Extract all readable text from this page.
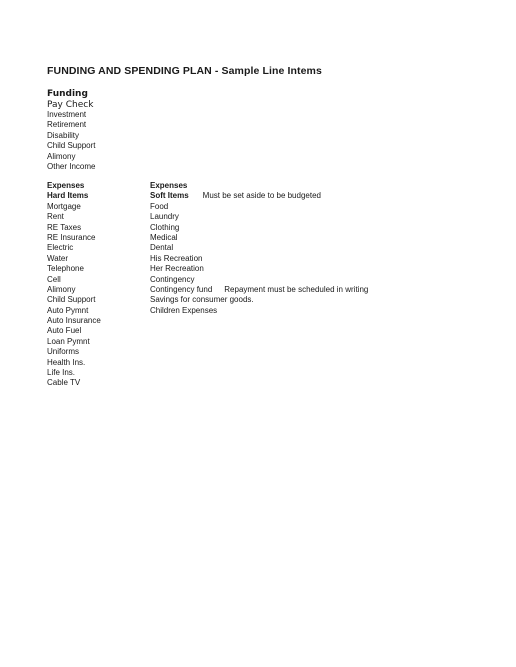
FUNDING AND SPENDING PLAN - Sample Line Intems
Funding
Pay Check
Investment
Retirement
Disability
Child Support
Alimony
Other Income
Expenses
Hard Items
Mortgage
Rent
RE Taxes
RE Insurance
Electric
Water
Telephone
Cell
Alimony
Child Support
Auto Pymnt
Auto Insurance
Auto Fuel
Loan Pymnt
Uniforms
Health Ins.
Life Ins.
Cable TV
Expenses
Soft Items Must be set aside to be budgeted
Food
Laundry
Clothing
Medical
Dental
His Recreation
Her Recreation
Contingency
Contingency fund Repayment must be scheduled in writing
Savings for consumer goods.
Children Expenses
